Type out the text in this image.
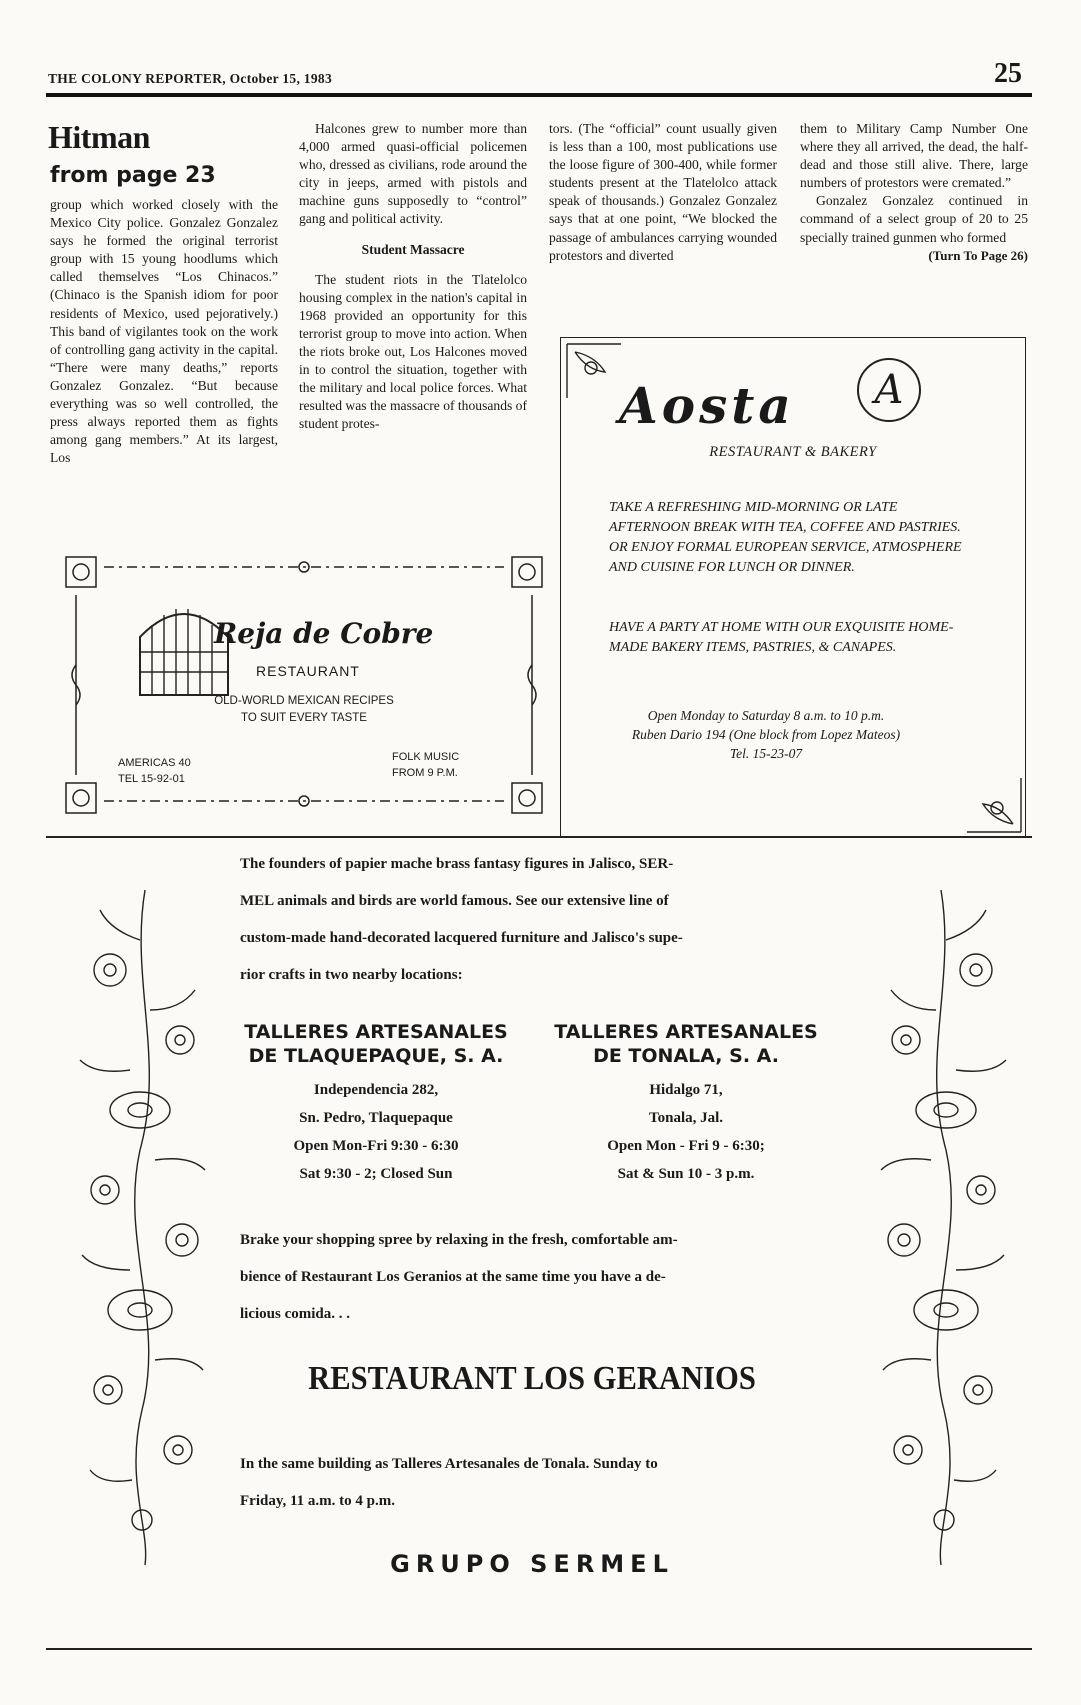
THE COLONY REPORTER, October 15, 1983	25
Hitman
from page 23

group which worked closely with the Mexico City police. Gonzalez Gonzalez says he formed the original terrorist group with 15 young hoodlums which called themselves “Los Chinacos.” (Chinaco is the Spanish idiom for poor residents of Mexico, used pejoratively.) This band of vigilantes took on the work of controlling gang activity in the capital. “There were many deaths,” reports Gonzalez Gonzalez. “But because everything was so well controlled, the press always reported them as fights among gang members.” At its largest, Los

Halcones grew to number more than 4,000 armed quasi-official policemen who, dressed as civilians, rode around the city in jeeps, armed with pistols and machine guns supposedly to “control” gang and political activity.

Student Massacre

The student riots in the Tlatelolco housing complex in the nation's capital in 1968 provided an opportunity for this terrorist group to move into action. When the riots broke out, Los Halcones moved in to control the situation, together with the military and local police forces. What resulted was the massacre of thousands of student protes-

tors. (The “official” count usually given is less than a 100, most publications use the loose figure of 300-400, while former students present at the Tlatelolco attack speak of thousands.) Gonzalez Gonzalez says that at one point, “We blocked the passage of ambulances carrying wounded protestors and diverted

them to Military Camp Number One where they all arrived, the dead, the half-dead and those still alive. There, large numbers of protestors were cremated.”

Gonzalez Gonzalez continued in command of a select group of 20 to 25 specially trained gunmen who formed

(Turn To Page 26)

Reja de Cobre
RESTAURANT
OLD-WORLD MEXICAN RECIPES
TO SUIT EVERY TASTE
AMERICAS 40
TEL 15-92-01
FOLK MUSIC
FROM 9 P.M.
Aosta	A
RESTAURANT & BAKERY
TAKE A REFRESHING MID-MORNING OR LATE AFTERNOON BREAK WITH TEA, COFFEE AND PASTRIES. OR ENJOY FORMAL EUROPEAN SERVICE, ATMOSPHERE AND CUISINE FOR LUNCH OR DINNER.
HAVE A PARTY AT HOME WITH OUR EXQUISITE HOME-MADE BAKERY ITEMS, PASTRIES, & CANAPES.
Open Monday to Saturday 8 a.m. to 10 p.m.
Ruben Dario 194 (One block from Lopez Mateos)
Tel. 15-23-07
The founders of papier mache brass fantasy figures in Jalisco, SER-
MEL animals and birds are world famous. See our extensive line of
custom-made hand-decorated lacquered furniture and Jalisco's supe-
rior crafts in two nearby locations:
TALLERES ARTESANALES
DE TLAQUEPAQUE, S. A.
Independencia 282,
Sn. Pedro, Tlaquepaque
Open Mon-Fri 9:30 - 6:30
Sat 9:30 - 2; Closed Sun
TALLERES ARTESANALES
DE TONALA, S. A.
Hidalgo 71,
Tonala, Jal.
Open Mon - Fri 9 - 6:30;
Sat & Sun 10 - 3 p.m.
Brake your shopping spree by relaxing in the fresh, comfortable am-
bience of Restaurant Los Geranios at the same time you have a de-
licious comida. . .
RESTAURANT LOS GERANIOS
In the same building as Talleres Artesanales de Tonala. Sunday to
Friday, 11 a.m. to 4 p.m.
GRUPO SERMEL
